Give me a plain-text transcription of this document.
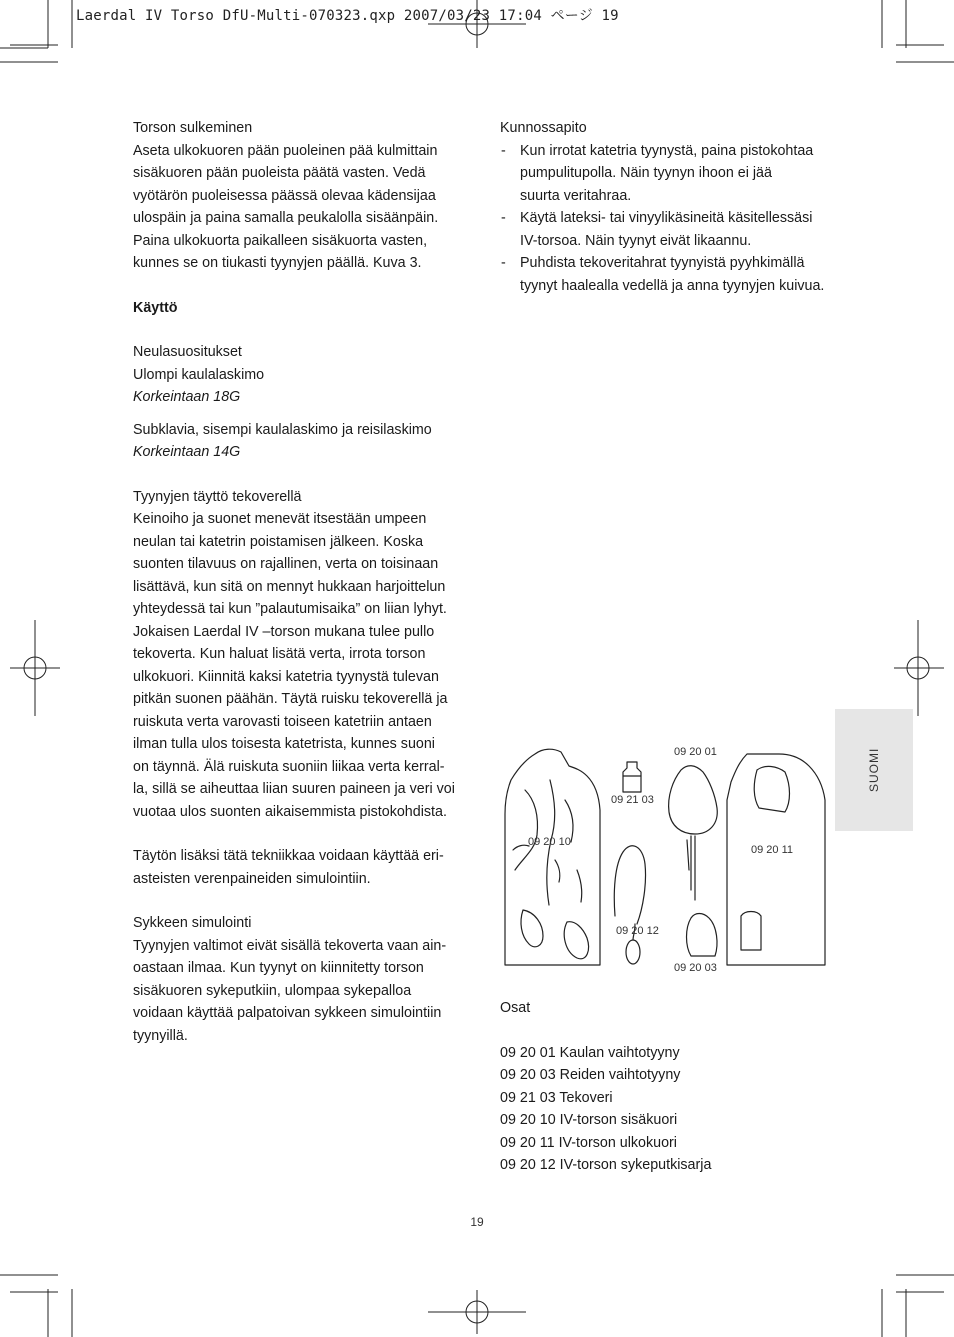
Laerdal IV Torso DfU-Multi-070323.qxp 2007/03/23 17:04 ページ 19

Torson sulkeminen

Aseta ulkokuoren pään puoleinen pää kulmittain

sisäkuoren pään puoleista päätä vasten. Vedä

vyötärön puoleisessa päässä olevaa kädensijaa

ulospäin ja paina samalla peukalolla sisäänpäin.

Paina ulkokuorta paikalleen sisäkuorta vasten,

kunnes se on tiukasti tyynyjen päällä. Kuva 3.

Käyttö

Neulasuositukset

Ulompi kaulalaskimo

Korkeintaan 18G

Subklavia, sisempi kaulalaskimo ja reisilaskimo

Korkeintaan 14G

Tyynyjen täyttö tekoverellä

Keinoiho ja suonet menevät itsestään umpeen

neulan tai katetrin poistamisen jälkeen. Koska

suonten tilavuus on rajallinen, verta on toisinaan

lisättävä, kun sitä on mennyt hukkaan harjoittelun

yhteydessä tai kun ”palautumisaika” on liian lyhyt.

Jokaisen Laerdal IV –torson mukana tulee pullo

tekoverta. Kun haluat lisätä verta, irrota torson

ulkokuori. Kiinnitä kaksi katetria tyynystä tulevan

pitkän suonen päähän. Täytä ruisku tekoverellä ja

ruiskuta verta varovasti toiseen katetriin antaen

ilman tulla ulos toisesta katetrista, kunnes suoni

on täynnä. Älä ruiskuta suoniin liikaa verta kerral-

la, sillä se aiheuttaa liian suuren paineen ja veri voi

vuotaa ulos suonten aikaisemmista pistokohdista.

Täytön lisäksi tätä tekniikkaa voidaan käyttää eri-

asteisten verenpaineiden simulointiin.

Sykkeen simulointi

Tyynyjen valtimot eivät sisällä tekoverta vaan ain-

oastaan ilmaa. Kun tyynyt on kiinnitetty torson

sisäkuoren sykeputkiin, ulompaa sykepalloa

voidaan käyttää palpatoivan sykkeen simulointiin

tyynyillä.

Kunnossapito

- Kun irrotat katetria tyynystä, paina pistokohtaa

pumpulitupolla. Näin tyynyn ihoon ei jää

suurta veritahraa.

- Käytä lateksi- tai vinyylikäsineitä käsitellessäsi

IV-torsoa. Näin tyynyt eivät likaannu.

- Puhdista tekoveritahrat tyynyistä pyyhkimällä

tyynyt haalealla vedellä ja anna tyynyjen kuivua.

09 20 10
09 21 03
09 20 01
09 20 11
09 20 12
09 20 03

Osat

09 20 01 Kaulan vaihtotyyny

09 20 03 Reiden vaihtotyyny

09 21 03 Tekoveri

09 20 10 IV-torson sisäkuori

09 20 11 IV-torson ulkokuori

09 20 12 IV-torson sykeputkisarja

SUOMI
19
